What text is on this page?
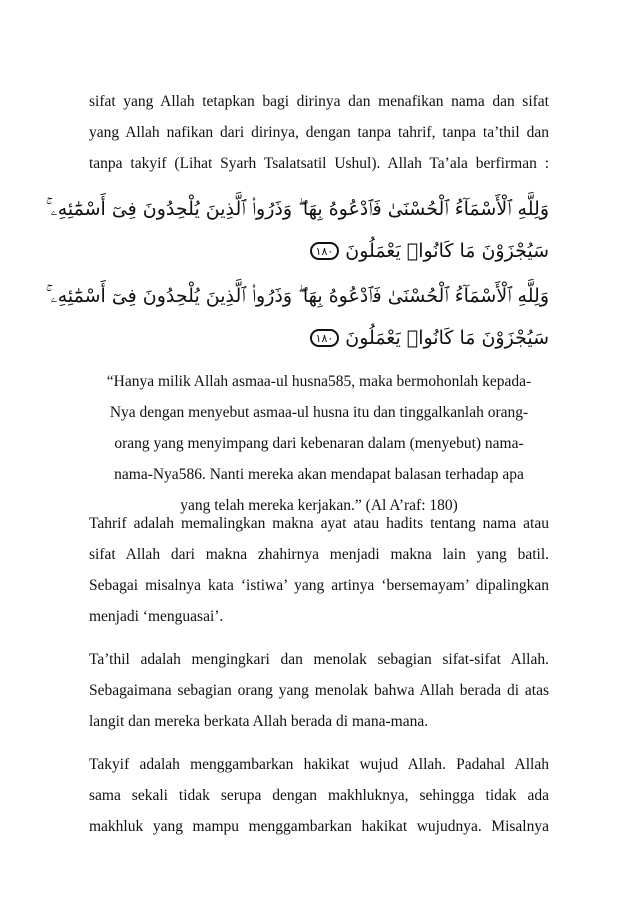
sifat yang Allah tetapkan bagi dirinya dan menafikan nama dan sifat

yang Allah nafikan dari dirinya, dengan tanpa tahrif, tanpa ta’thil dan

tanpa takyif (Lihat Syarh Tsalatsatil Ushul). Allah Ta’ala berfirman :

وَلِلَّهِ ٱلْأَسْمَآءُ ٱلْحُسْنَىٰ فَٱدْعُوهُ بِهَا ۖ وَذَرُوا۟ ٱلَّذِينَ يُلْحِدُونَ فِىٓ أَسْمَٰٓئِهِۦ ۚ
سَيُجْزَوْنَ مَا كَانُوا۟ يَعْمَلُونَ
١٨٠
وَلِلَّهِ ٱلْأَسْمَآءُ ٱلْحُسْنَىٰ فَٱدْعُوهُ بِهَا ۖ وَذَرُوا۟ ٱلَّذِينَ يُلْحِدُونَ فِىٓ أَسْمَٰٓئِهِۦ ۚ
سَيُجْزَوْنَ مَا كَانُوا۟ يَعْمَلُونَ
١٨٠
“Hanya milik Allah asmaa-ul husna585, maka bermohonlah kepada-
Nya dengan menyebut asmaa-ul husna itu dan tinggalkanlah orang-
orang yang menyimpang dari kebenaran dalam (menyebut) nama-
nama-Nya586. Nanti mereka akan mendapat balasan terhadap apa
yang telah mereka kerjakan.” (Al A’raf: 180)

Tahrif adalah memalingkan makna ayat atau hadits tentang nama atau

sifat Allah dari makna zhahirnya menjadi makna lain yang batil.

Sebagai misalnya kata ‘istiwa’ yang artinya ‘bersemayam’ dipalingkan

menjadi ‘menguasai’.

Ta’thil adalah mengingkari dan menolak sebagian sifat-sifat Allah.

Sebagaimana sebagian orang yang menolak bahwa Allah berada di atas

langit dan mereka berkata Allah berada di mana-mana.

Takyif adalah menggambarkan hakikat wujud Allah. Padahal Allah

sama sekali tidak serupa dengan makhluknya, sehingga tidak ada

makhluk yang mampu menggambarkan hakikat wujudnya. Misalnya
